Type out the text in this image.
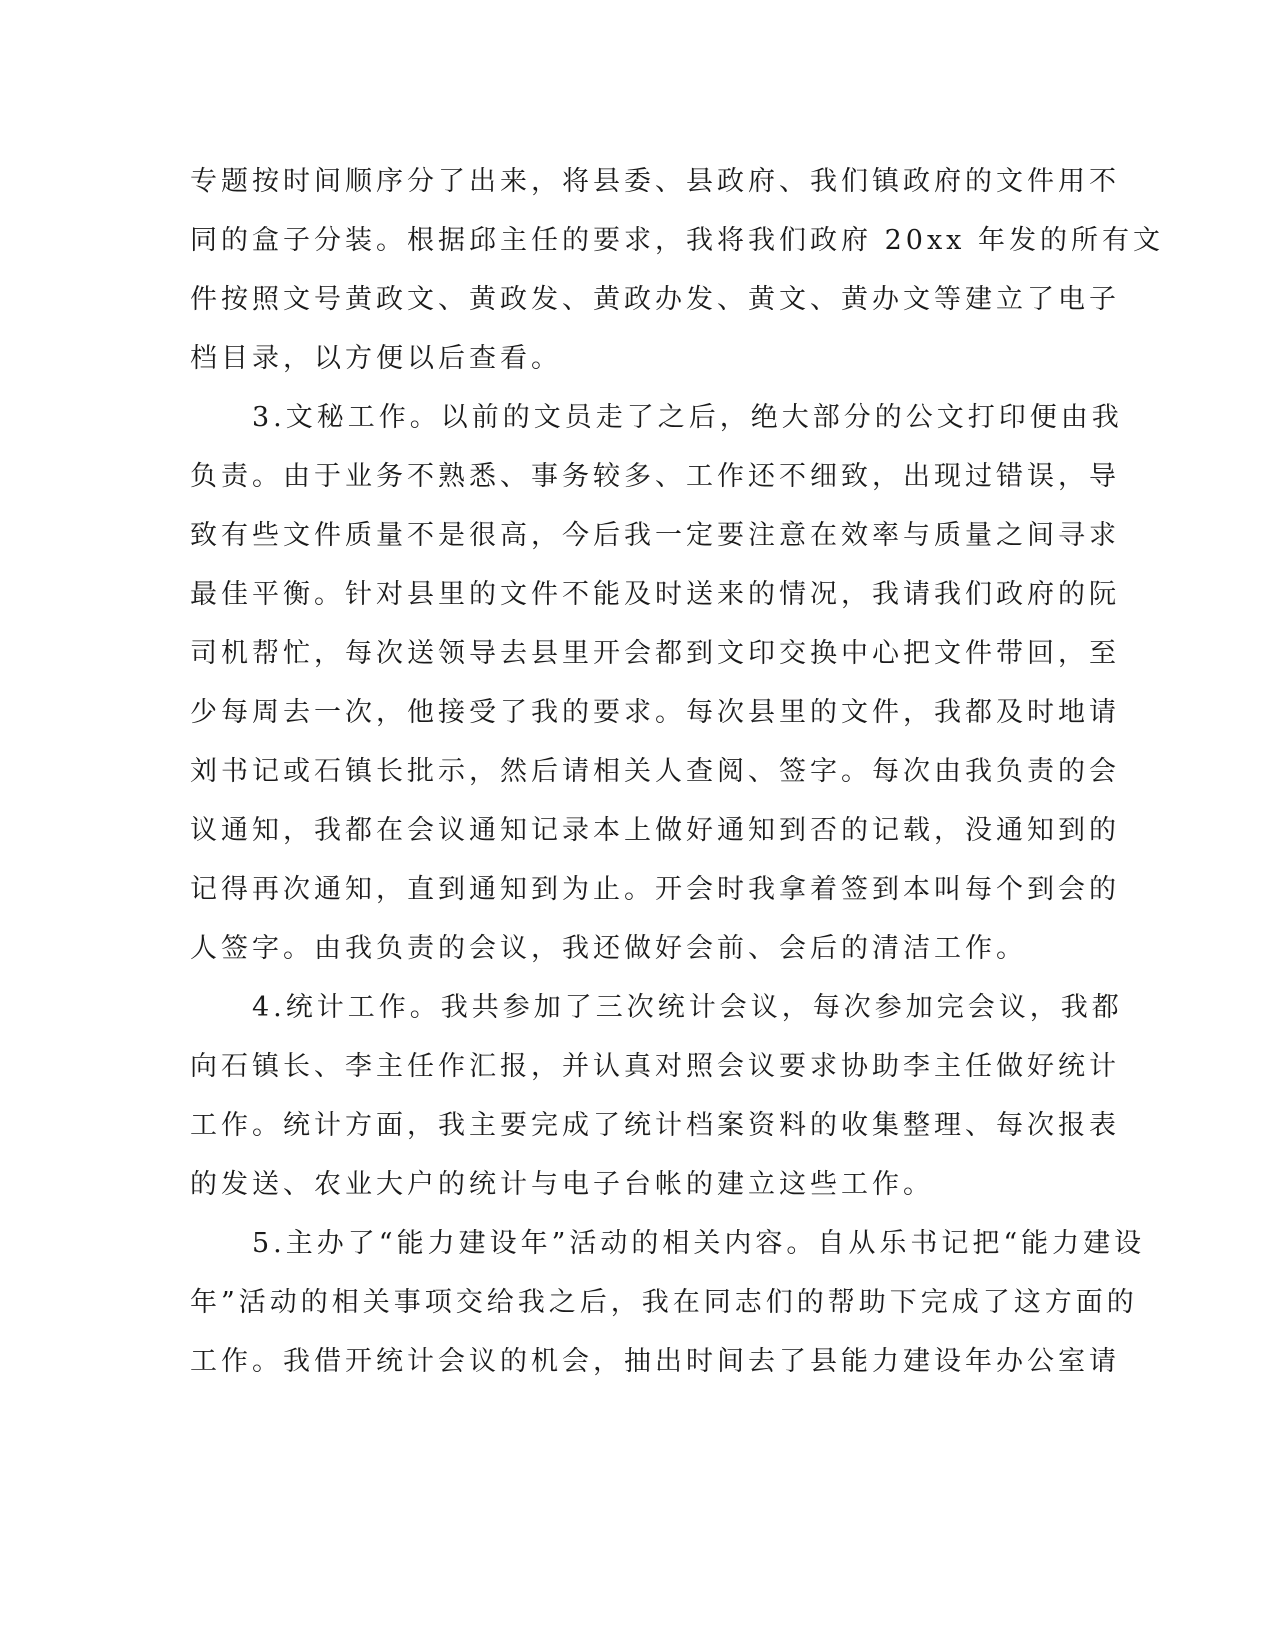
专题按时间顺序分了出来，将县委、县政府、我们镇政府的文件用不
同的盒子分装。根据邱主任的要求，我将我们政府 20xx 年发的所有文
件按照文号黄政文、黄政发、黄政办发、黄文、黄办文等建立了电子
档目录，以方便以后查看。
3.文秘工作。以前的文员走了之后，绝大部分的公文打印便由我
负责。由于业务不熟悉、事务较多、工作还不细致，出现过错误，导
致有些文件质量不是很高，今后我一定要注意在效率与质量之间寻求
最佳平衡。针对县里的文件不能及时送来的情况，我请我们政府的阮
司机帮忙，每次送领导去县里开会都到文印交换中心把文件带回，至
少每周去一次，他接受了我的要求。每次县里的文件，我都及时地请
刘书记或石镇长批示，然后请相关人查阅、签字。每次由我负责的会
议通知，我都在会议通知记录本上做好通知到否的记载，没通知到的
记得再次通知，直到通知到为止。开会时我拿着签到本叫每个到会的
人签字。由我负责的会议，我还做好会前、会后的清洁工作。
4.统计工作。我共参加了三次统计会议，每次参加完会议，我都
向石镇长、李主任作汇报，并认真对照会议要求协助李主任做好统计
工作。统计方面，我主要完成了统计档案资料的收集整理、每次报表
的发送、农业大户的统计与电子台帐的建立这些工作。
5.主办了“能力建设年”活动的相关内容。自从乐书记把“能力建设
年”活动的相关事项交给我之后，我在同志们的帮助下完成了这方面的
工作。我借开统计会议的机会，抽出时间去了县能力建设年办公室请
